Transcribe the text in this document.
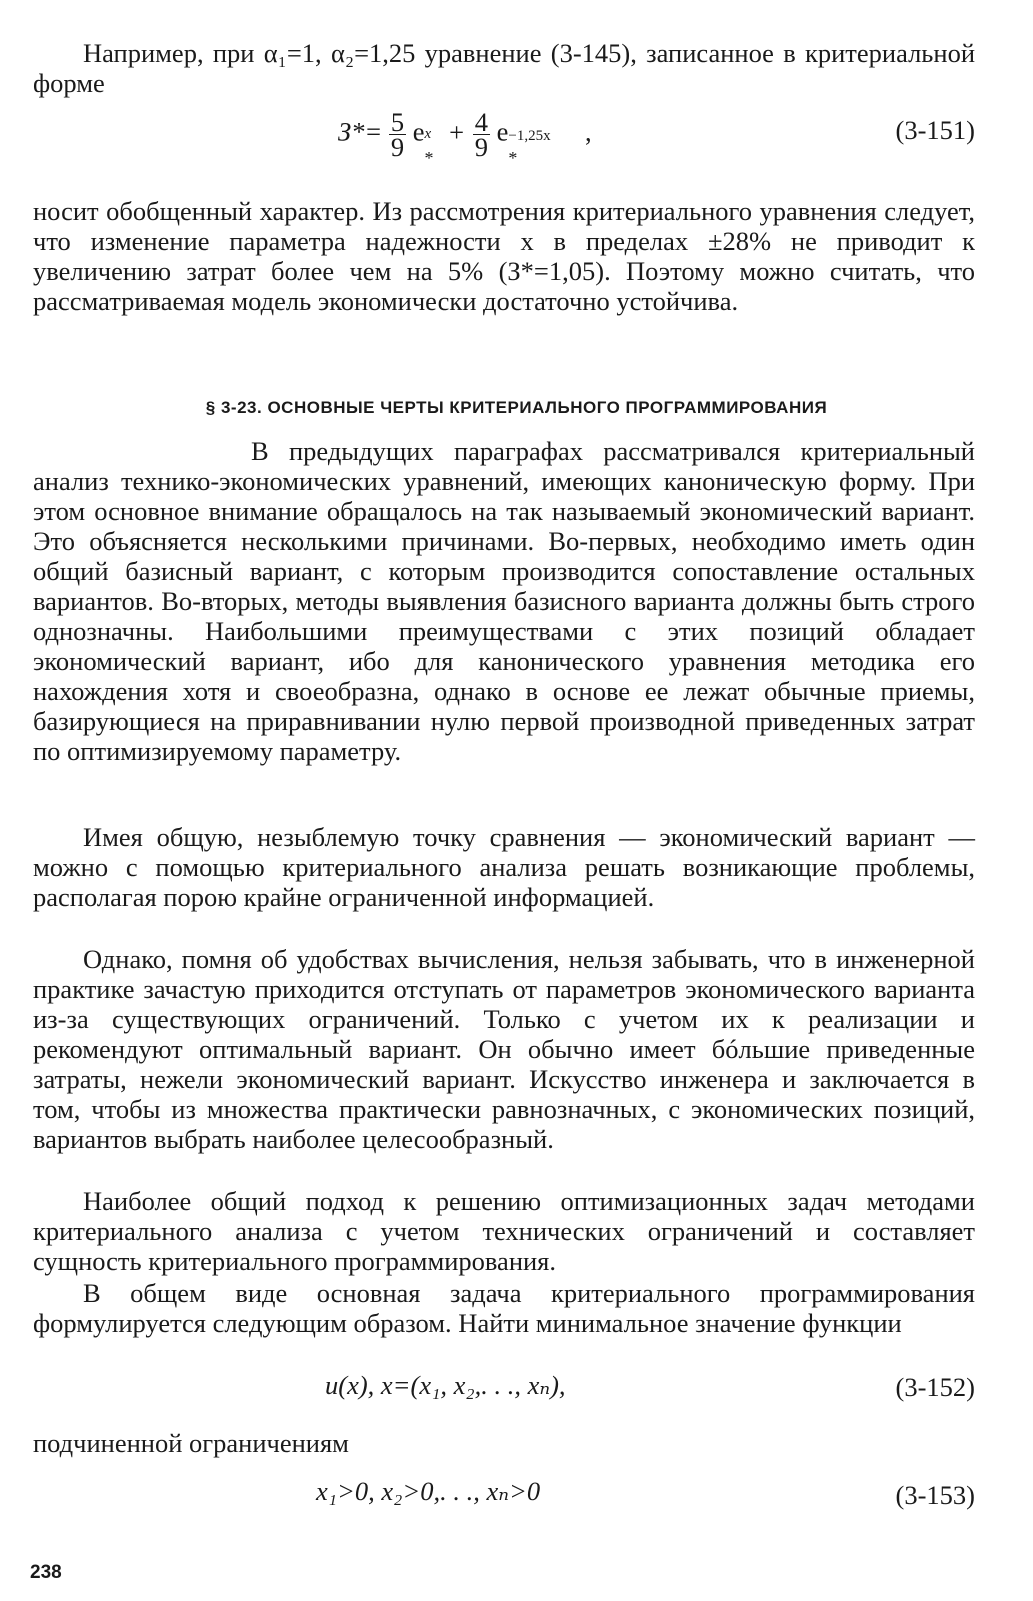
Например, при α₁=1, α₂=1,25 уравнение (3-145), записанное в критериальной форме

$З*= \frac{5}{9}$ e x
*
+ $\frac{4}{9}$ e −1,25x
*
,	(3-151)

носит обобщенный характер. Из рассмотрения критериального уравнения следует, что изменение параметра надежности x в пределах ±28% не приводит к увеличению затрат более чем на 5% (З*=1,05). Поэтому можно считать, что рассматриваемая модель экономически достаточно устойчива.

§ 3-23. ОСНОВНЫЕ ЧЕРТЫ КРИТЕРИАЛЬНОГО ПРОГРАММИРОВАНИЯ

В предыдущих параграфах рассматривался критериальный анализ технико-экономических уравнений, имеющих каноническую форму. При этом основное внимание обращалось на так называемый экономический вариант. Это объясняется несколькими причинами. Во-первых, необходимо иметь один общий базисный вариант, с которым производится сопоставление остальных вариантов. Во-вторых, методы выявления базисного варианта должны быть строго однозначны. Наибольшими преимуществами с этих позиций обладает экономический вариант, ибо для канонического уравнения методика его нахождения хотя и своеобразна, однако в основе ее лежат обычные приемы, базирующиеся на приравнивании нулю первой производной приведенных затрат по оптимизируемому параметру.

Имея общую, незыблемую точку сравнения — экономический вариант — можно с помощью критериального анализа решать возникающие проблемы, располагая порою крайне ограниченной информацией.

Однако, помня об удобствах вычисления, нельзя забывать, что в инженерной практике зачастую приходится отступать от параметров экономического варианта из-за существующих ограничений. Только с учетом их к реализации и рекомендуют оптимальный вариант. Он обычно имеет бóльшие приведенные затраты, нежели экономический вариант. Искусство инженера и заключается в том, чтобы из множества практически равнозначных, с экономических позиций, вариантов выбрать наиболее целесообразный.

Наиболее общий подход к решению оптимизационных задач методами критериального анализа с учетом технических ограничений и составляет сущность критериального программирования.

В общем виде основная задача критериального программирования формулируется следующим образом. Найти минимальное значение функции

u(x), x=(x₁, x₂,. . ., xₙ),	(3-152)

подчиненной ограничениям

x₁>0, x₂>0,. . ., xₙ>0	(3-153)
238
